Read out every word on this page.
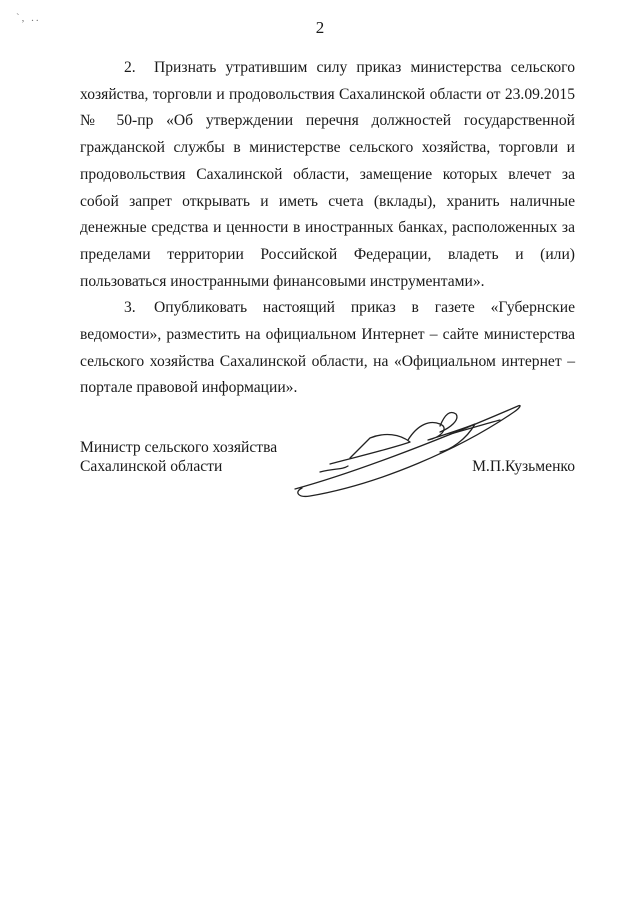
`, ..	2

2. Признать утратившим силу приказ министерства сельского хозяйства, торговли и продовольствия Сахалинской области от 23.09.2015 № 50-пр «Об утверждении перечня должностей государственной гражданской службы в министерстве сельского хозяйства, торговли и продовольствия Сахалинской области, замещение которых влечет за собой запрет открывать и иметь счета (вклады), хранить наличные денежные средства и ценности в иностранных банках, расположенных за пределами территории Российской Федерации, владеть и (или) пользоваться иностранными финансовыми инструментами».

3. Опубликовать настоящий приказ в газете «Губернские ведомости», разместить на официальном Интернет – сайте министерства сельского хозяйства Сахалинской области, на «Официальном интернет – портале правовой информации».

Министр сельского хозяйства
Сахалинской области	М.П.Кузьменко
